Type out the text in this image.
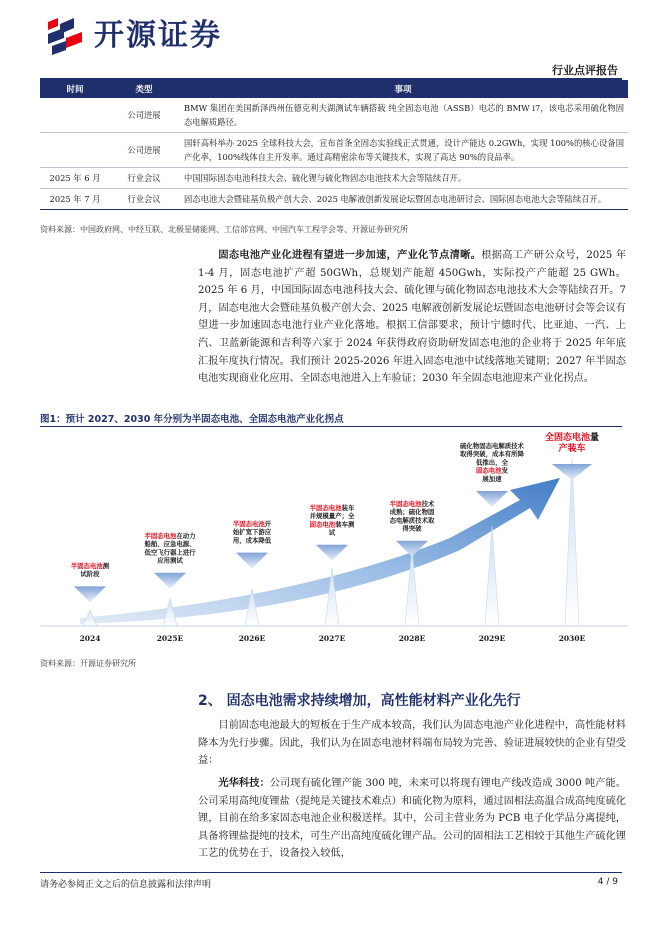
开源证券
行业点评报告
时间	类型	事项
	公司进展	BMW 集团在美国新泽西州伍德克利夫湖测试车辆搭载 纯全固态电池（ASSB）电芯的 BMW i7，该电芯采用硫化物固态电解质路径。
	公司进展	国轩高科举办 2025 全球科技大会，宣布首条全固态实验线正式贯通，设计产能达 0.2GWh，实现 100%的核心设备国产化率，100%线体自主开发率。通过高精密涂布等关键技术，实现了高达 90%的良品率。
2025 年 6 月	行业会议	中国国际固态电池科技大会、硫化锂与硫化物固态电池技术大会等陆续召开。
2025 年 7 月	行业会议	固态电池大会暨硅基负极产创大会、2025 电解液创新发展论坛暨固态电池研讨会、国际固态电池大会等陆续召开。
资料来源：中国政府网、中经互联、北极星储能网、工信部官网、中国汽车工程学会等、开源证券研究所
固态电池产业化进程有望进一步加速，产业化节点清晰。根据高工产研公众号，2025 年 1-4 月，固态电池扩产超 50GWh，总规划产能超 450Gwh，实际投产产能超 25 GWh。2025 年 6 月，中国国际固态电池科技大会、硫化锂与硫化物固态电池技术大会等陆续召开。7 月，固态电池大会暨硅基负极产创大会、2025 电解液创新发展论坛暨固态电池研讨会等会议有望进一步加速固态电池行业产业化落地。根据工信部要求，预计宁德时代、比亚迪、一汽、上汽、卫蓝新能源和吉利等六家于 2024 年获得政府资助研发固态电池的企业将于 2025 年年底汇报年度执行情况。我们预计 2025-2026 年进入固态电池中试线落地关键期；2027 年半固态电池实现商业化应用、全固态电池进入上车验证；2030 年全固态电池迎来产业化拐点。
图1：预计 2027、2030 年分别为半固态电池、全固态电池产业化拐点
半固态电池测
试阶段
半固态电池在动力
船舶、应急电源、
低空飞行器上进行
应用测试
半固态电池开
始扩宽下游应
用，成本降低
半固态电池装车
并规模量产；全
固态电池装车测
试
半固态电池技术
成熟；硫化物固
态电解质技术取
得突破
硫化物固态电解质技术
取得突破，成本有所降
低推出，全
固态电池发
展加速
全固态电池量
产装车
2024	2025E	2026E	2027E	2028E	2029E	2030E
资料来源：开源证券研究所
2、 固态电池需求持续增加，高性能材料产业化先行
目前固态电池最大的短板在于生产成本较高，我们认为固态电池产业化进程中，高性能材料降本为先行步骤。因此，我们认为在固态电池材料端布局较为完善、验证进展较快的企业有望受益：
光华科技：公司现有硫化锂产能 300 吨，未来可以将现有锂电产线改造成 3000 吨产能。公司采用高纯度锂盐（提纯是关键技术难点）和硫化物为原料，通过固相法高温合成高纯度硫化锂，目前在给多家固态电池企业积极送样。其中，公司主营业务为 PCB 电子化学品分离提纯，具备将锂盐提纯的技术，可生产出高纯度硫化锂产品。公司的固相法工艺相较于其他生产硫化锂工艺的优势在于，设备投入较低，
请务必参阅正文之后的信息披露和法律声明	4 / 9
